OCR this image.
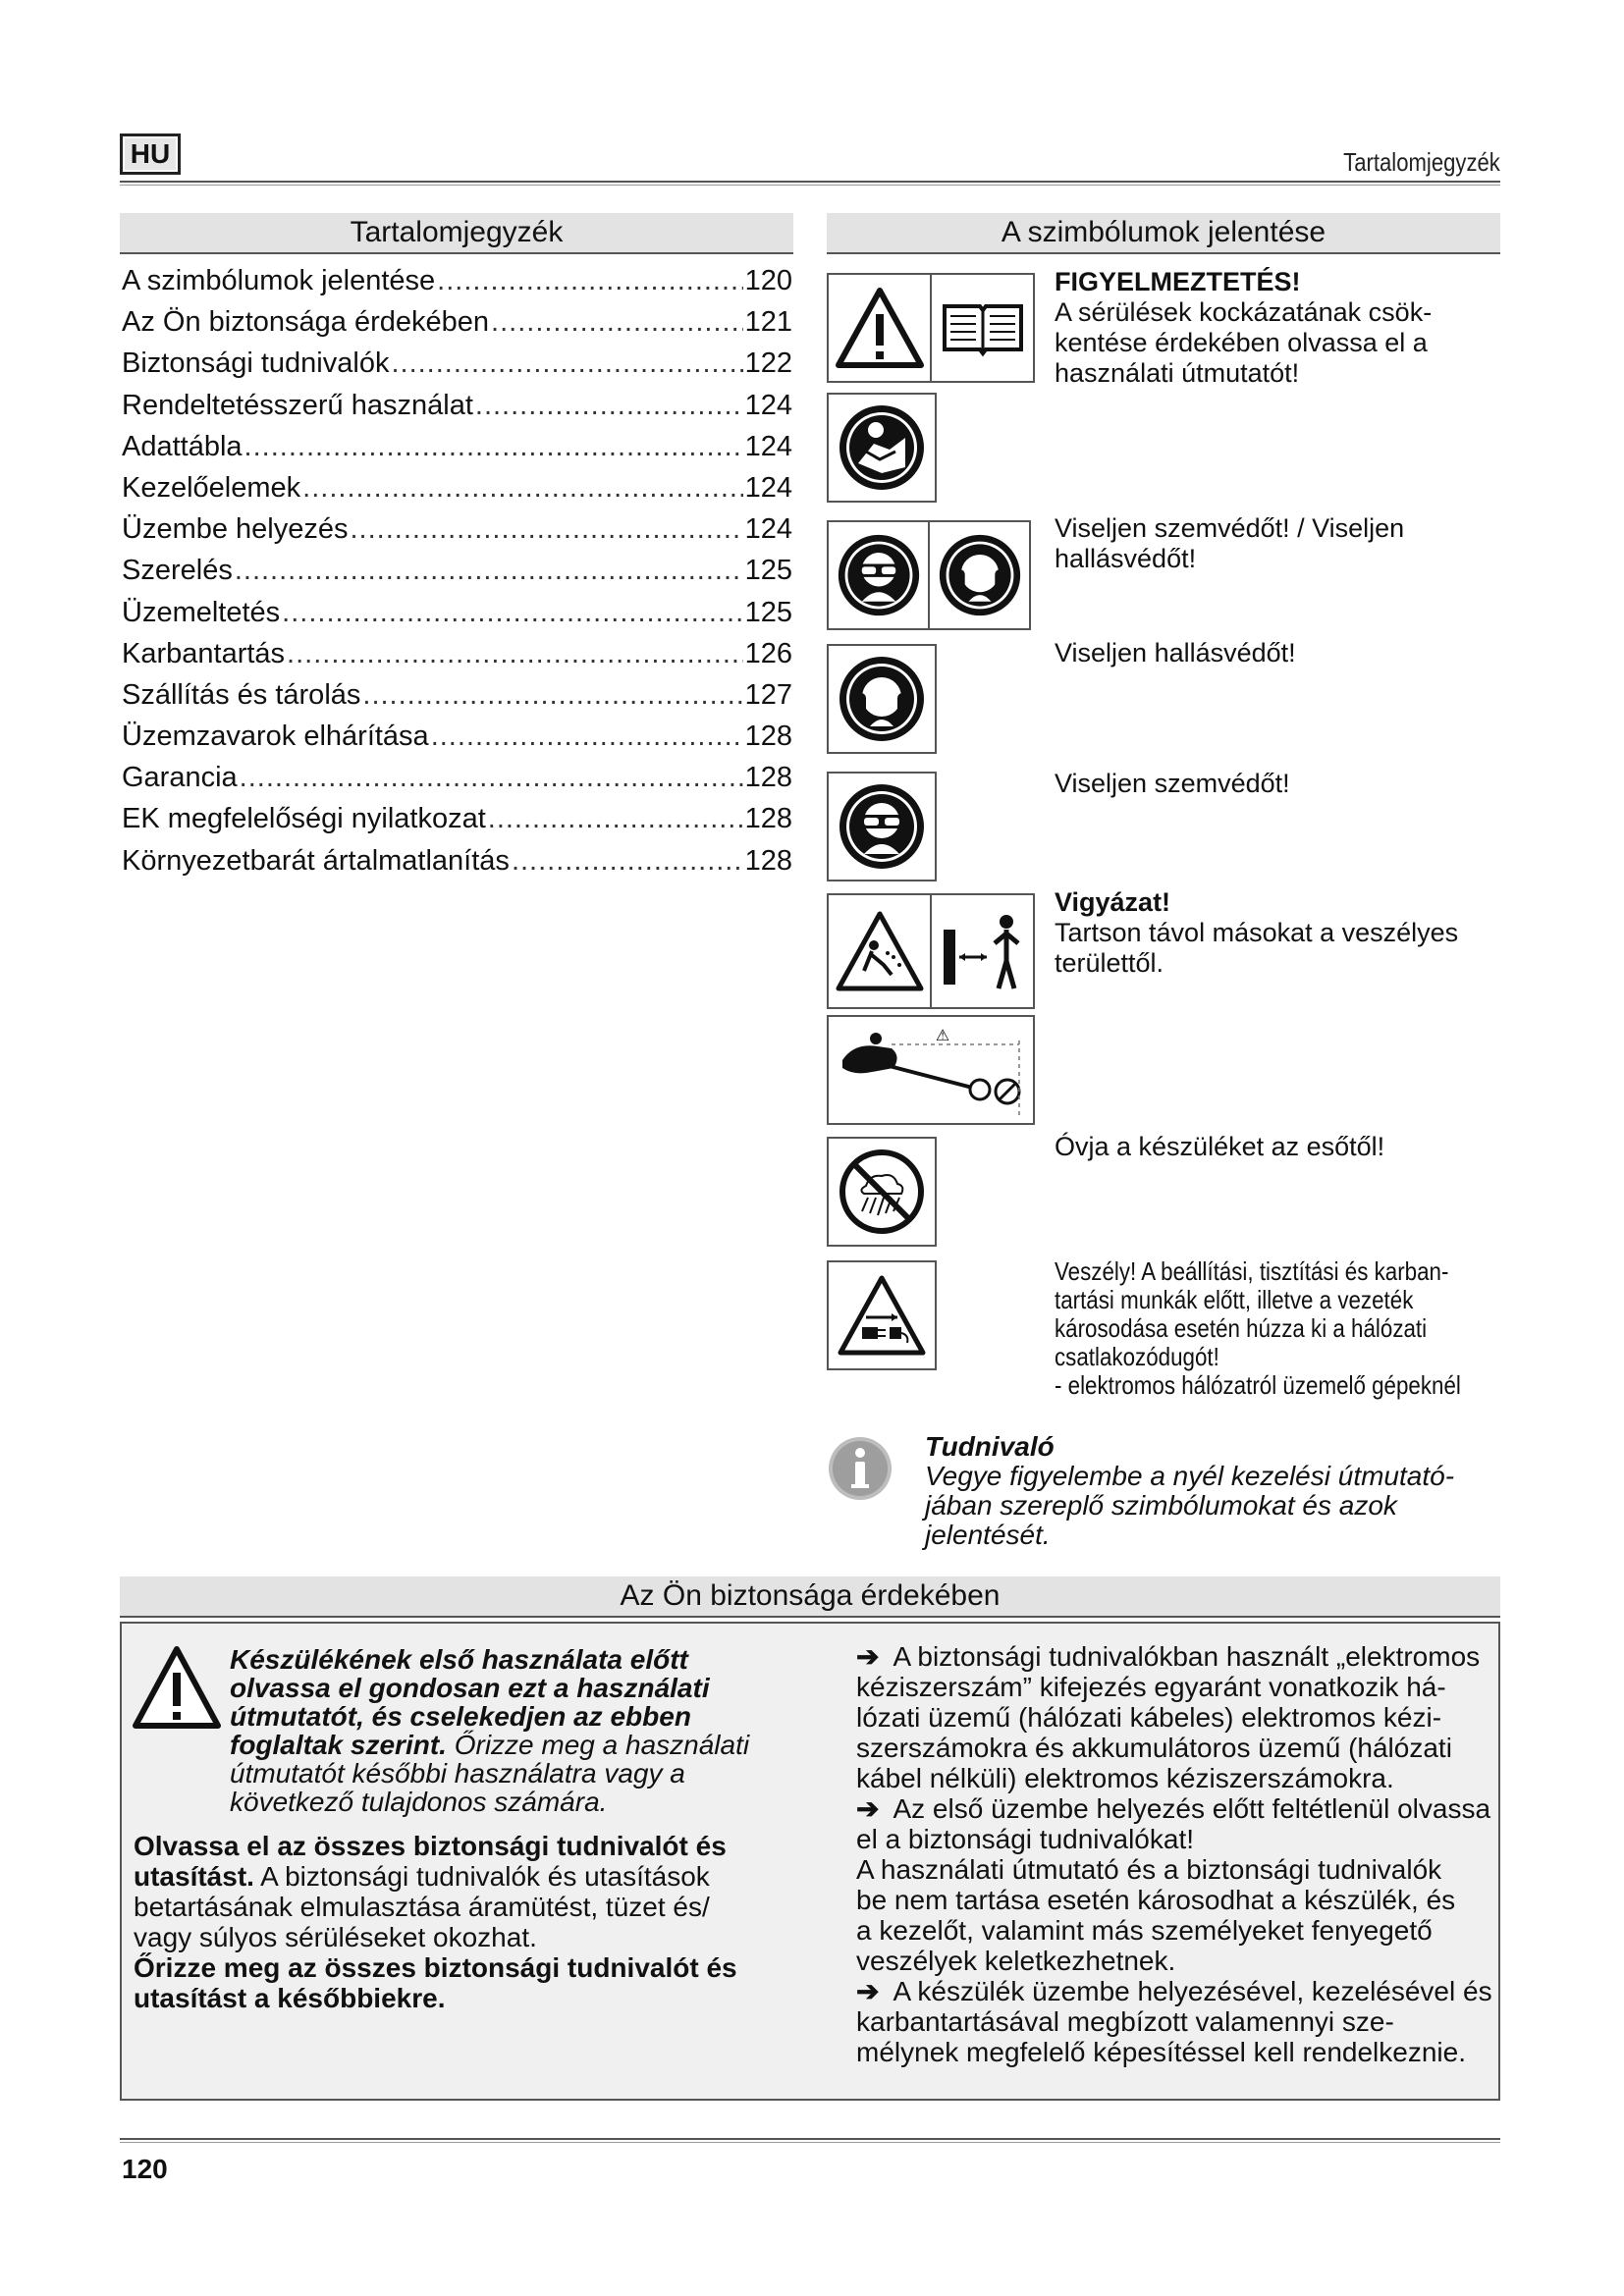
HU	Tartalomjegyzék
Tartalomjegyzék
A szimbólumok jelentése .....	120
Az Ön biztonsága érdekében .....	121
Biztonsági tudnivalók .....	122
Rendeltetésszerű használat .....	124
Adattábla .....	124
Kezelőelemek .....	124
Üzembe helyezés .....	124
Szerelés .....	125
Üzemeltetés .....	125
Karbantartás .....	126
Szállítás és tárolás .....	127
Üzemzavarok elhárítása .....	128
Garancia .....	128
EK megfelelőségi nyilatkozat .....	128
Környezetbarát ártalmatlanítás .....	128
A szimbólumok jelentése
FIGYELMEZTETÉS!
A sérülések kockázatának csök-
kentése érdekében olvassa el a
használati útmutatót!
Viseljen szemvédőt! / Viseljen
hallásvédőt!
Viseljen hallásvédőt!
Viseljen szemvédőt!
Vigyázat!
Tartson távol másokat a veszélyes
területtől.
⚠
Óvja a készüléket az esőtől!
Veszély! A beállítási, tisztítási és karban-
tartási munkák előtt, illetve a vezeték
károsodása esetén húzza ki a hálózati
csatlakozódugót!
- elektromos hálózatról üzemelő gépeknél
Tudnivaló
Vegye figyelembe a nyél kezelési útmutató-
jában szereplő szimbólumokat és azok
jelentését.
Az Ön biztonsága érdekében
Készülékének első használata előtt
olvassa el gondosan ezt a használati
útmutatót, és cselekedjen az ebben
foglaltak szerint. Őrizze meg a használati
útmutatót későbbi használatra vagy a
következő tulajdonos számára.
Olvassa el az összes biztonsági tudnivalót és
utasítást. A biztonsági tudnivalók és utasítások
betartásának elmulasztása áramütést, tüzet és/
vagy súlyos sérüléseket okozhat.
Őrizze meg az összes biztonsági tudnivalót és
utasítást a későbbiekre.
➔ A biztonsági tudnivalókban használt „elektromos
kéziszerszám” kifejezés egyaránt vonatkozik há-
lózati üzemű (hálózati kábeles) elektromos kézi-
szerszámokra és akkumulátoros üzemű (hálózati
kábel nélküli) elektromos kéziszerszámokra.
➔ Az első üzembe helyezés előtt feltétlenül olvassa
el a biztonsági tudnivalókat!
A használati útmutató és a biztonsági tudnivalók
be nem tartása esetén károsodhat a készülék, és
a kezelőt, valamint más személyeket fenyegető
veszélyek keletkezhetnek.
➔ A készülék üzembe helyezésével, kezelésével és
karbantartásával megbízott valamennyi sze-
mélynek megfelelő képesítéssel kell rendelkeznie.
120
